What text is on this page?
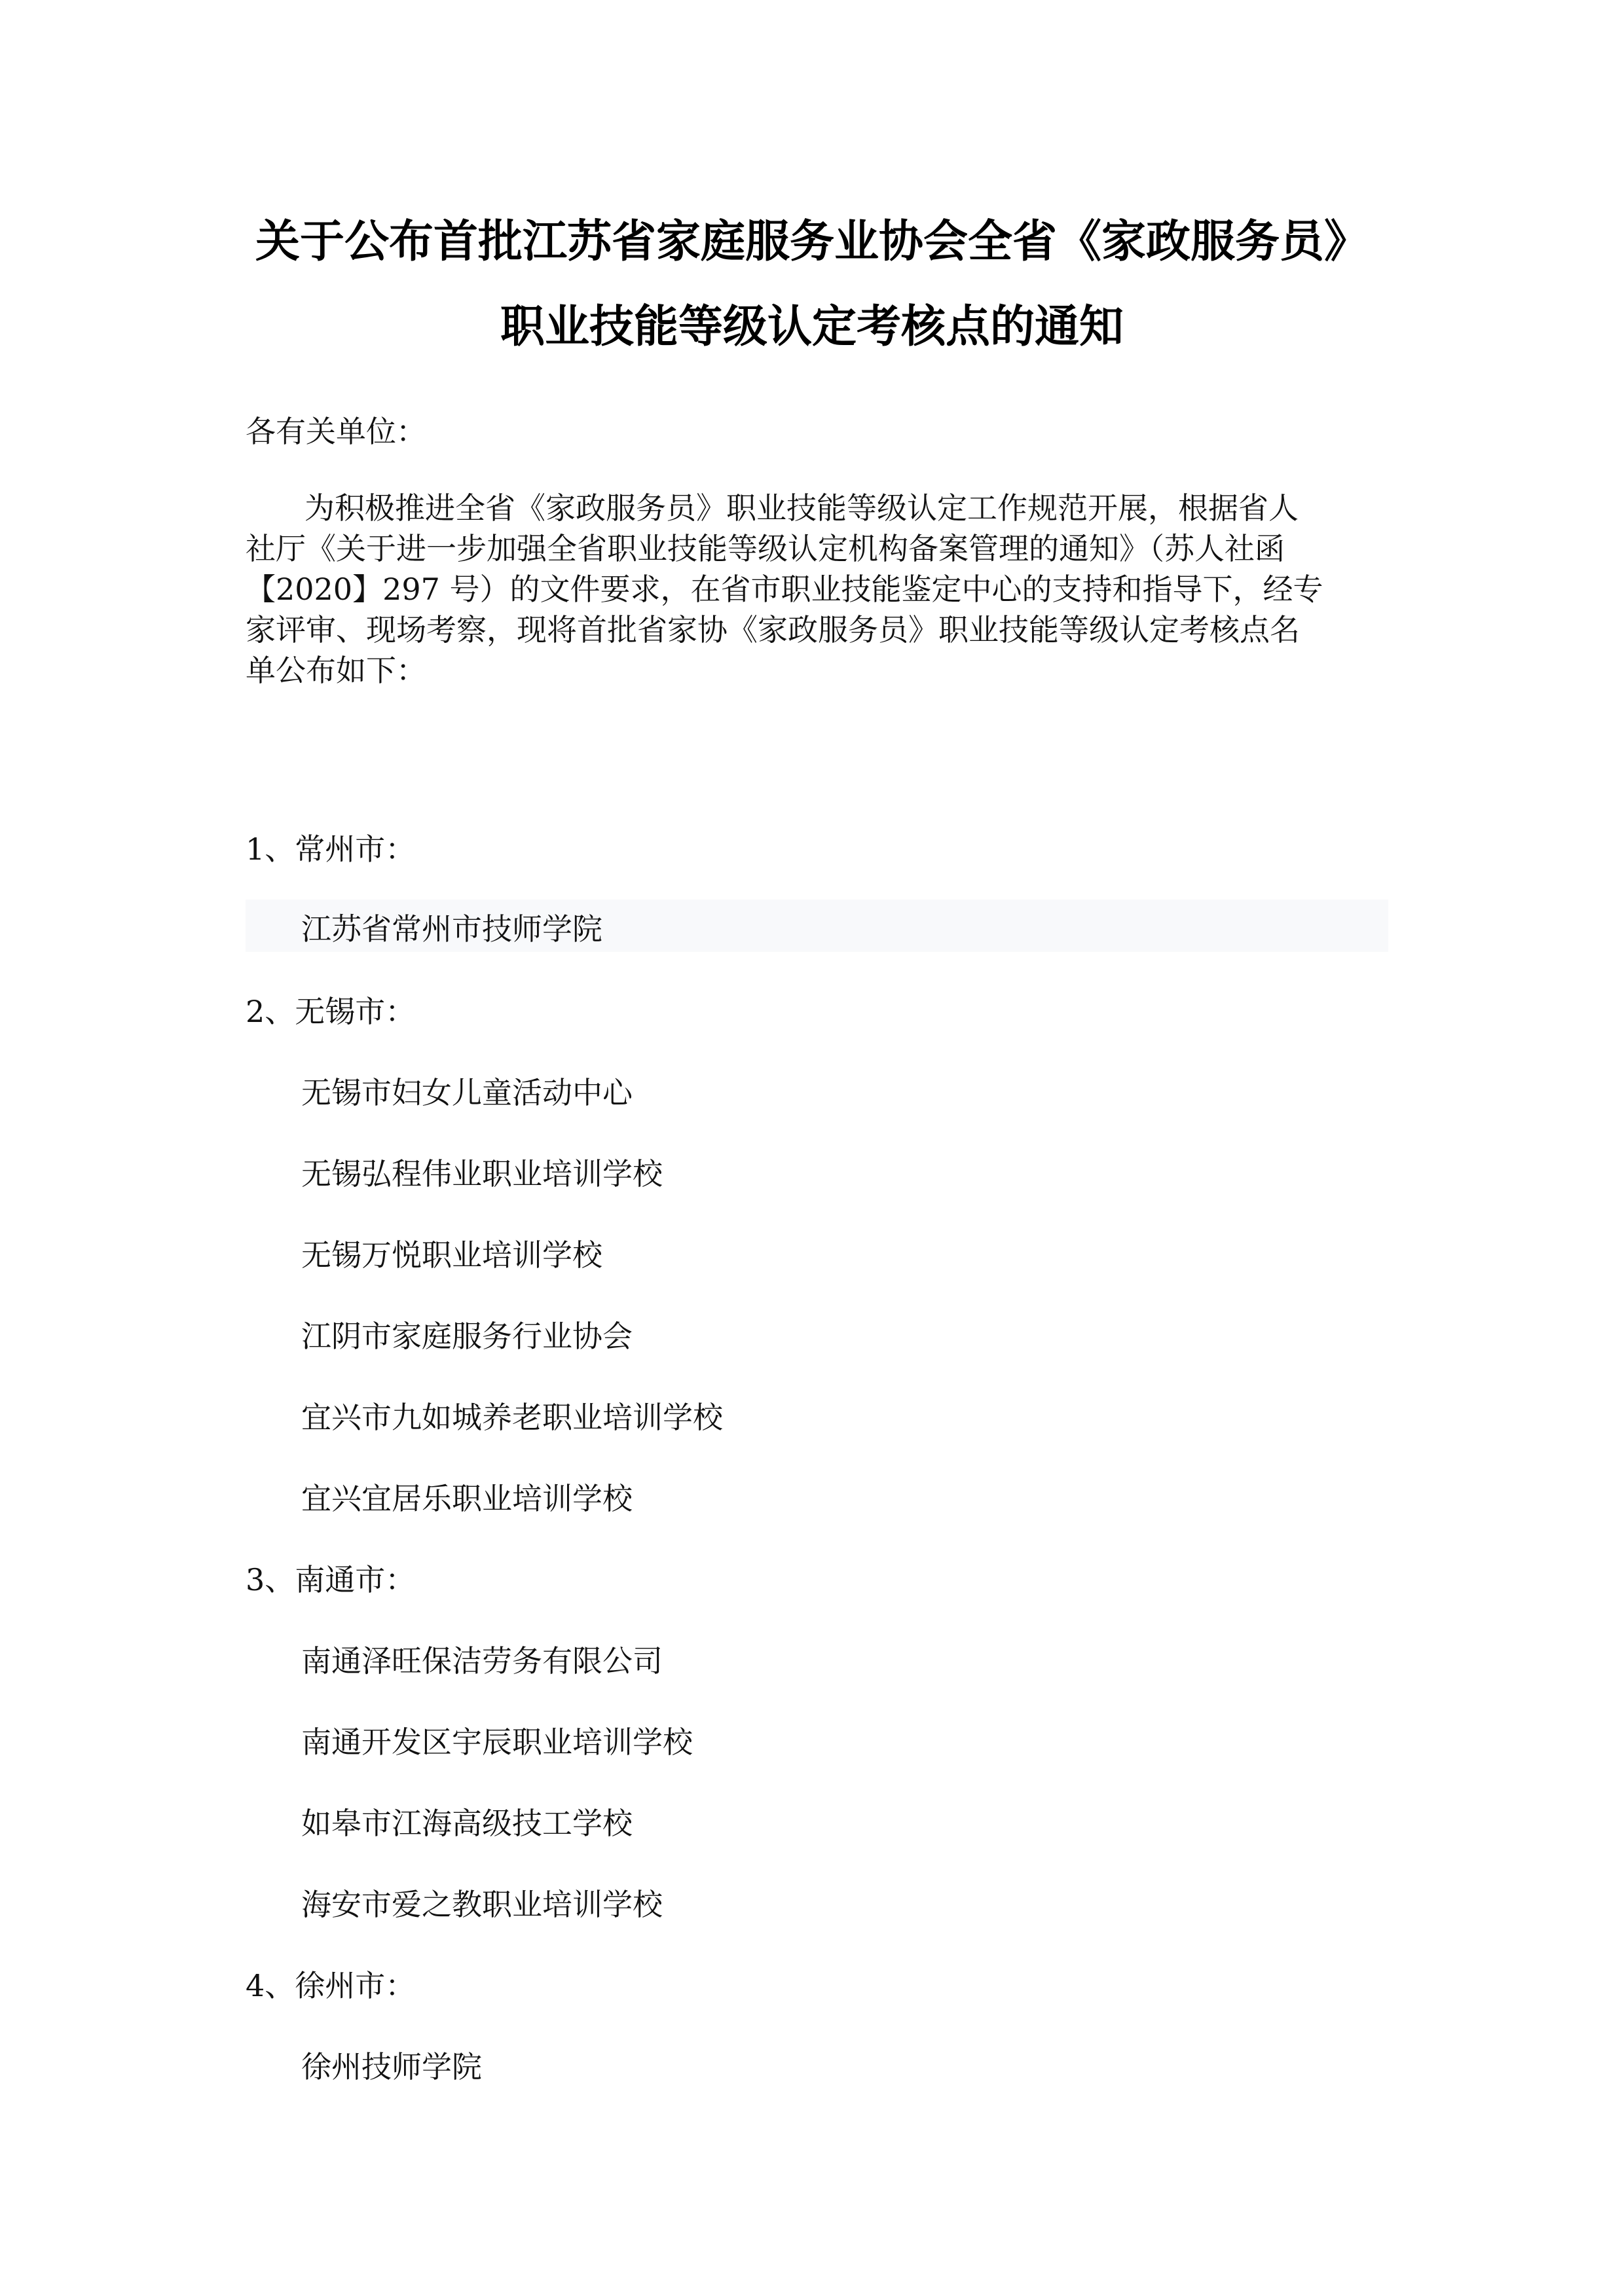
关于公布首批江苏省家庭服务业协会全省《家政服务员》
职业技能等级认定考核点的通知
各有关单位：
为积极推进全省《家政服务员》职业技能等级认定工作规范开展，根据省人
社厅《关于进一步加强全省职业技能等级认定机构备案管理的通知》（苏人社函
【2020】297 号）的文件要求，在省市职业技能鉴定中心的支持和指导下，经专
家评审、现场考察，现将首批省家协《家政服务员》职业技能等级认定考核点名
单公布如下：
1、常州市：
江苏省常州市技师学院
2、无锡市：
无锡市妇女儿童活动中心
无锡弘程伟业职业培训学校
无锡万悦职业培训学校
江阴市家庭服务行业协会
宜兴市九如城养老职业培训学校
宜兴宜居乐职业培训学校
3、南通市：
南通泽旺保洁劳务有限公司
南通开发区宇辰职业培训学校
如皋市江海高级技工学校
海安市爱之教职业培训学校
4、徐州市：
徐州技师学院
